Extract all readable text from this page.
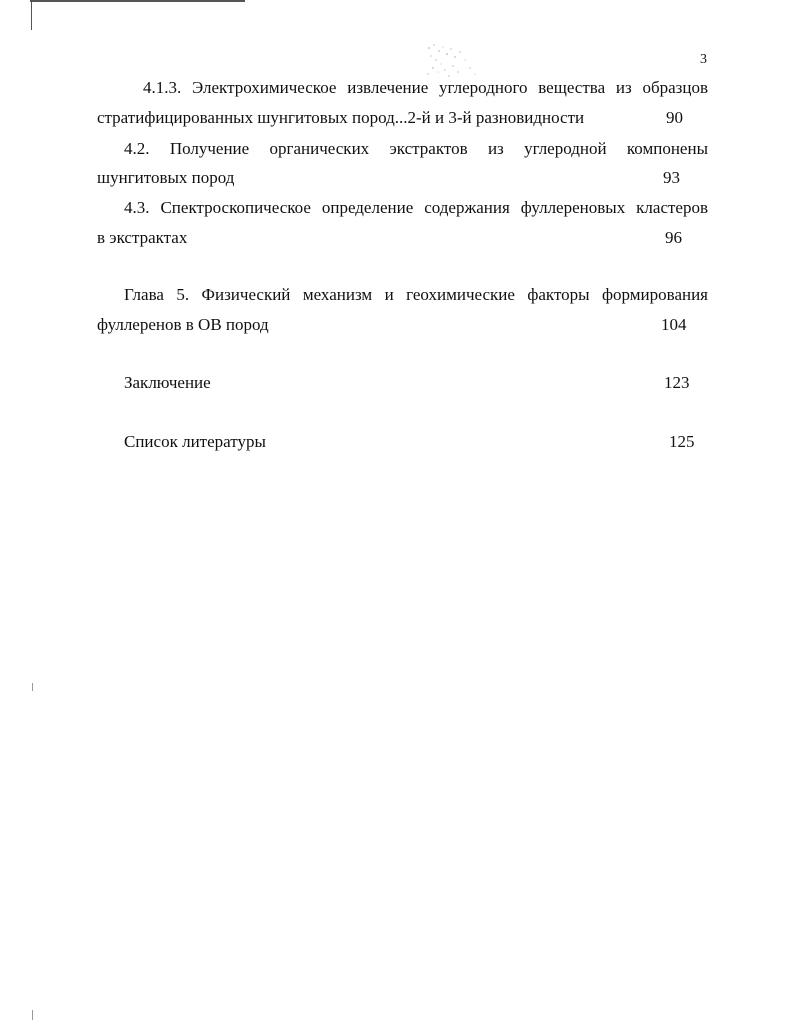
3
4.1.3. Электрохимическое извлечение углеродного вещества из образцов
стратифицированных шунгитовых пород...2-й и 3-й разновидности	90
4.2. Получение органических экстрактов из углеродной компонены
шунгитовых пород	93
4.3. Спектроскопическое определение содержания фуллереновых кластеров
в экстрактах	96
Глава 5. Физический механизм и геохимические факторы формирования
фуллеренов в ОВ пород	104
Заключение	123
Список литературы	125
